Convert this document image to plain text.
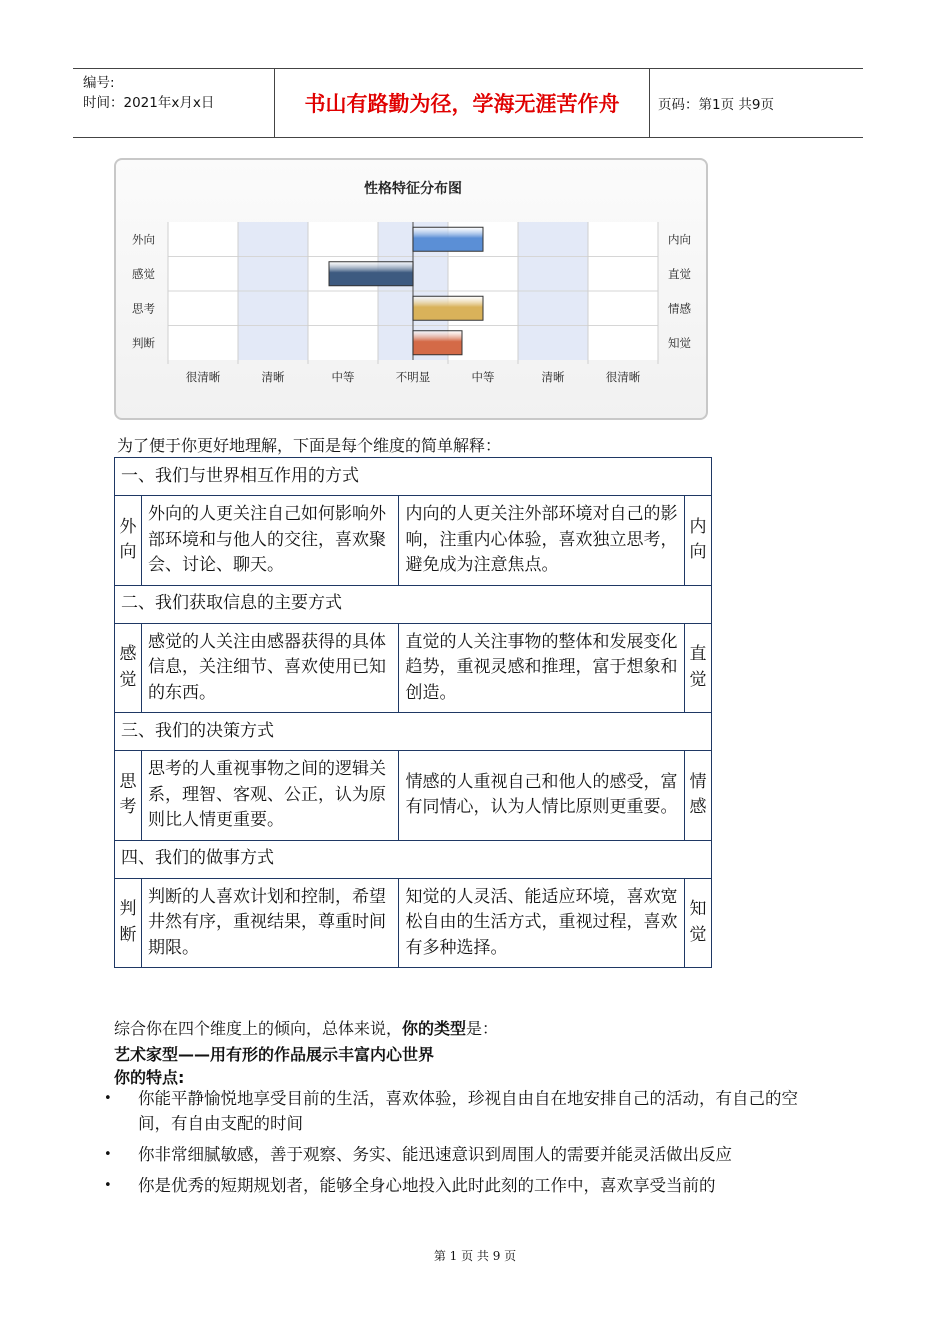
编号:
时间：2021年x月x日	书山有路勤为径，学海无涯苦作舟	页码：第1页 共9页
性格特征分布图
外向
感觉
思考
判断
内向
直觉
情感
知觉
很清晰	清晰	中等	不明显	中等	清晰	很清晰
为了便于你更好地理解，下面是每个维度的简单解释：
一、我们与世界相互作用的方式			
外向	外向的人更关注自己如何影响外部环境和与他人的交往，喜欢聚会、讨论、聊天。	内向的人更关注外部环境对自己的影响，注重内心体验，喜欢独立思考，避免成为注意焦点。	内向
二、我们获取信息的主要方式			
感觉	感觉的人关注由感器获得的具体信息，关注细节、喜欢使用已知的东西。	直觉的人关注事物的整体和发展变化趋势，重视灵感和推理，富于想象和创造。	直觉
三、我们的决策方式			
思考	思考的人重视事物之间的逻辑关系，理智、客观、公正，认为原则比人情更重要。	情感的人重视自己和他人的感受，富有同情心，认为人情比原则更重要。	情感
四、我们的做事方式			
判断	判断的人喜欢计划和控制，希望井然有序，重视结果，尊重时间期限。	知觉的人灵活、能适应环境，喜欢宽松自由的生活方式，重视过程，喜欢有多种选择。	知觉
综合你在四个维度上的倾向，总体来说，你的类型是：
艺术家型——用有形的作品展示丰富内心世界
你的特点:
• 你能平静愉悦地享受目前的生活，喜欢体验，珍视自由自在地安排自己的活动，有自己的空间，有自由支配的时间
• 你非常细腻敏感，善于观察、务实、能迅速意识到周围人的需要并能灵活做出反应
• 你是优秀的短期规划者，能够全身心地投入此时此刻的工作中，喜欢享受当前的
第 1 页 共 9 页
